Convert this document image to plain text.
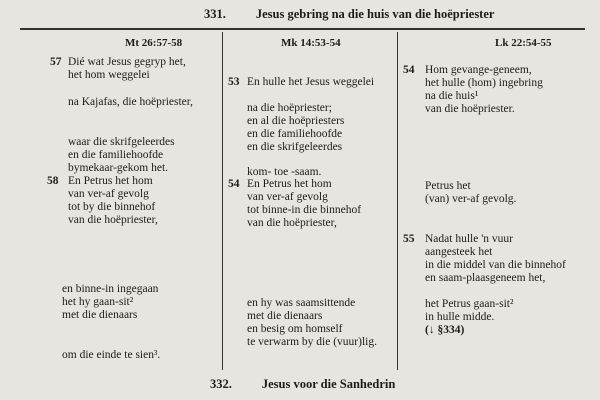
331. Jesus gebring na die huis van die hoëpriester
Mt 26:57-58	Mk 14:53-54	Lk 22:54-55
57 Dié wat Jesus gegryp het,
het hom weggelei
na Kajafas, die hoëpriester,
waar die skrifgeleerdes
en die familiehoofde
bymekaar-gekom het.
58 En Petrus het hom
van ver-af gevolg
tot by die binnehof
van die hoëpriester,
en binne-in ingegaan
het hy gaan-sit²
met die dienaars
om die einde te sien³.
53 En hulle het Jesus weggelei
na die hoëpriester;
en al die hoëpriesters
en die familiehoofde
en die skrifgeleerdes
kom- toe -saam.
54 En Petrus het hom
van ver-af gevolg
tot binne-in die binnehof
van die hoëpriester,
en hy was saamsittende
met die dienaars
en besig om homself
te verwarm by die (vuur)lig.
54 Hom gevange-geneem,
het hulle (hom) ingebring
na die huis¹
van die hoëpriester.
Petrus het
(van) ver-af gevolg.
55 Nadat hulle 'n vuur
aangesteek het
in die middel van die binnehof
en saam-plaasgeneem het,
het Petrus gaan-sit²
in hulle midde.
(↓ §334)
332. Jesus voor die Sanhedrin
